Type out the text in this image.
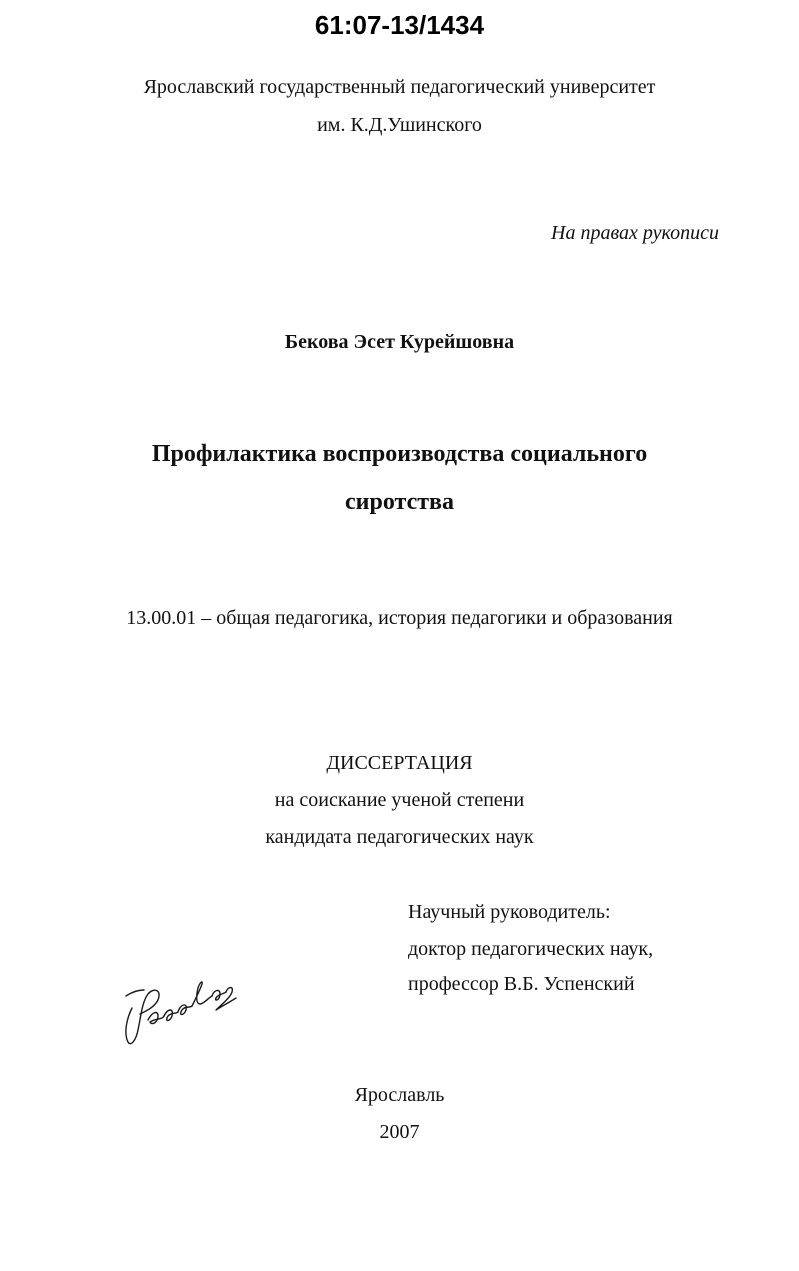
61:07-13/1434
Ярославский государственный педагогический университет
им. К.Д.Ушинского
На правах рукописи
Бекова Эсет Курейшовна
Профилактика воспроизводства социального
сиротства
13.00.01 – общая педагогика, история педагогики и образования
ДИССЕРТАЦИЯ
на соискание ученой степени
кандидата педагогических наук
Научный руководитель:
доктор педагогических наук,
профессор В.Б. Успенский
Ярославль
2007
